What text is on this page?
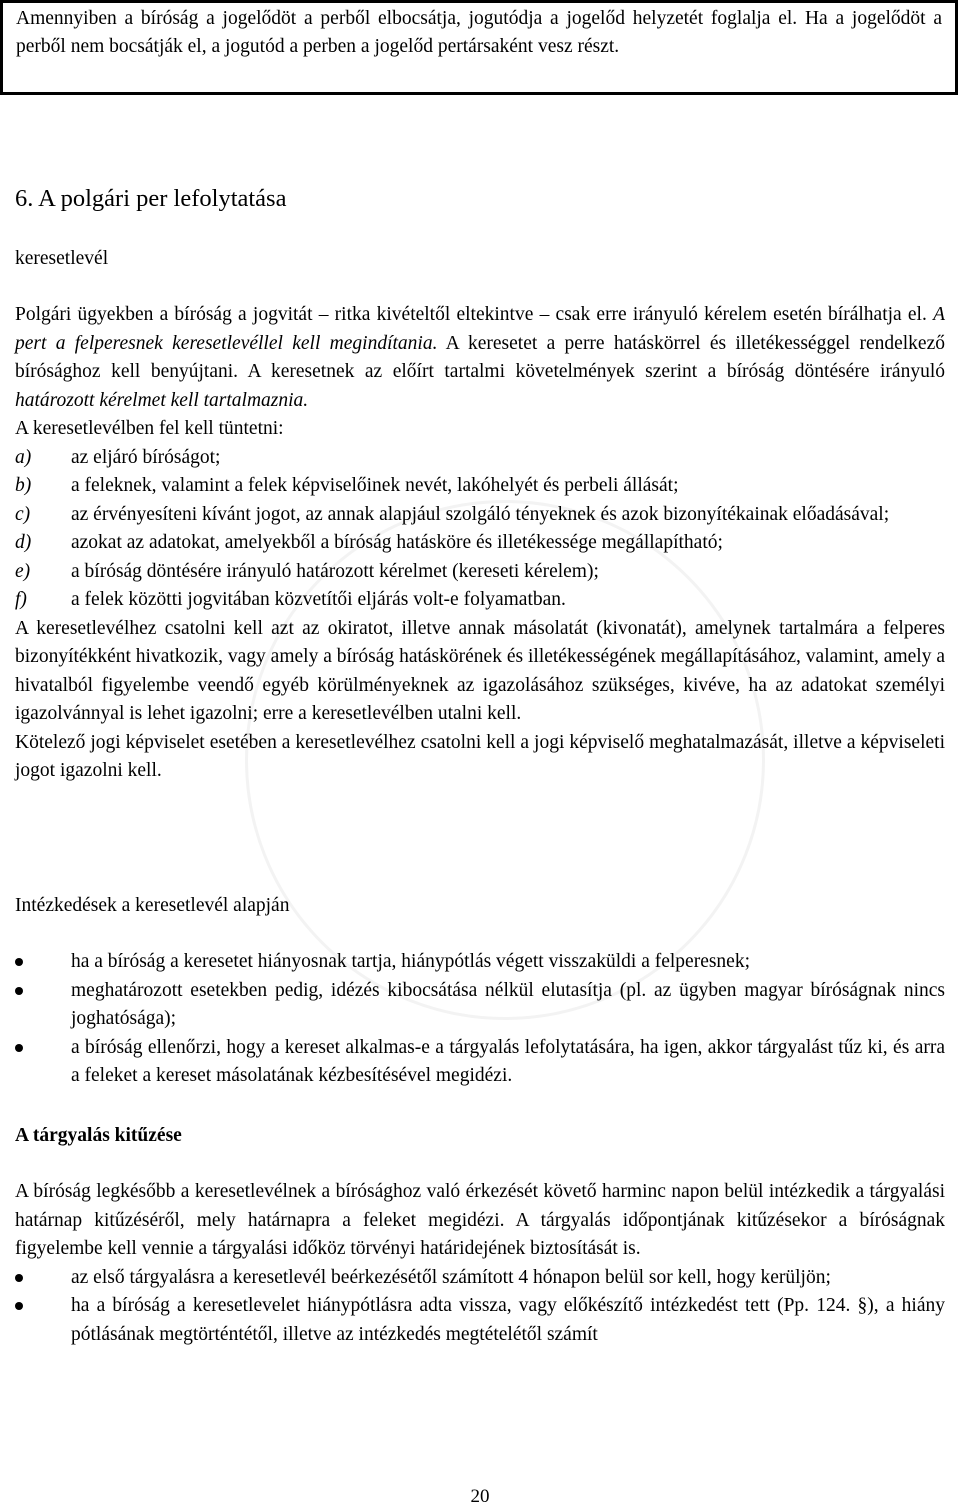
Amennyiben a bíróság a jogelődöt a perből elbocsátja, jogutódja a jogelőd helyzetét foglalja el. Ha a jogelődöt a perből nem bocsátják el, a jogutód a perben a jogelőd pertársaként vesz részt.

6. A polgári per lefolytatása
keresetlevél

Polgári ügyekben a bíróság a jogvitát – ritka kivételtől eltekintve – csak erre irányuló kérelem esetén bírálhatja el. A pert a felperesnek keresetlevéllel kell megindítania. A keresetet a perre hatáskörrel és illetékességgel rendelkező bírósághoz kell benyújtani. A keresetnek az előírt tartalmi követelmények szerint a bíróság döntésére irányuló határozott kérelmet kell tartalmaznia.

A keresetlevélben fel kell tüntetni:

a)	az eljáró bíróságot;
b)	a feleknek, valamint a felek képviselőinek nevét, lakóhelyét és perbeli állását;
c)	az érvényesíteni kívánt jogot, az annak alapjául szolgáló tényeknek és azok bizonyítékainak előadásával;
d)	azokat az adatokat, amelyekből a bíróság hatásköre és illetékessége megállapítható;
e)	a bíróság döntésére irányuló határozott kérelmet (kereseti kérelem);
f)	a felek közötti jogvitában közvetítői eljárás volt-e folyamatban.

A keresetlevélhez csatolni kell azt az okiratot, illetve annak másolatát (kivonatát), amelynek tartalmára a felperes bizonyítékként hivatkozik, vagy amely a bíróság hatáskörének és illetékességének megállapításához, valamint, amely a hivatalból figyelembe veendő egyéb körülményeknek az igazolásához szükséges, kivéve, ha az adatokat személyi igazolvánnyal is lehet igazolni; erre a keresetlevélben utalni kell.

Kötelező jogi képviselet esetében a keresetlevélhez csatolni kell a jogi képviselő meghatalmazását, illetve a képviseleti jogot igazolni kell.

Intézkedések a keresetlevél alapján
ha a bíróság a keresetet hiányosnak tartja, hiánypótlás végett visszaküldi a felperesnek;
meghatározott esetekben pedig, idézés kibocsátása nélkül elutasítja (pl. az ügyben magyar bíróságnak nincs joghatósága);
a bíróság ellenőrzi, hogy a kereset alkalmas-e a tárgyalás lefolytatására, ha igen, akkor tárgyalást tűz ki, és arra a feleket a kereset másolatának kézbesítésével megidézi.
A tárgyalás kitűzése

A bíróság legkésőbb a keresetlevélnek a bírósághoz való érkezését követő harminc napon belül intézkedik a tárgyalási határnap kitűzéséről, mely határnapra a feleket megidézi. A tárgyalás időpontjának kitűzésekor a bíróságnak figyelembe kell vennie a tárgyalási időköz törvényi határidejének biztosítását is.

az első tárgyalásra a keresetlevél beérkezésétől számított 4 hónapon belül sor kell, hogy kerüljön;
ha a bíróság a keresetlevelet hiánypótlásra adta vissza, vagy előkészítő intézkedést tett (Pp. 124. §), a hiány pótlásának megtörténtétől, illetve az intézkedés megtételétől számít
20
